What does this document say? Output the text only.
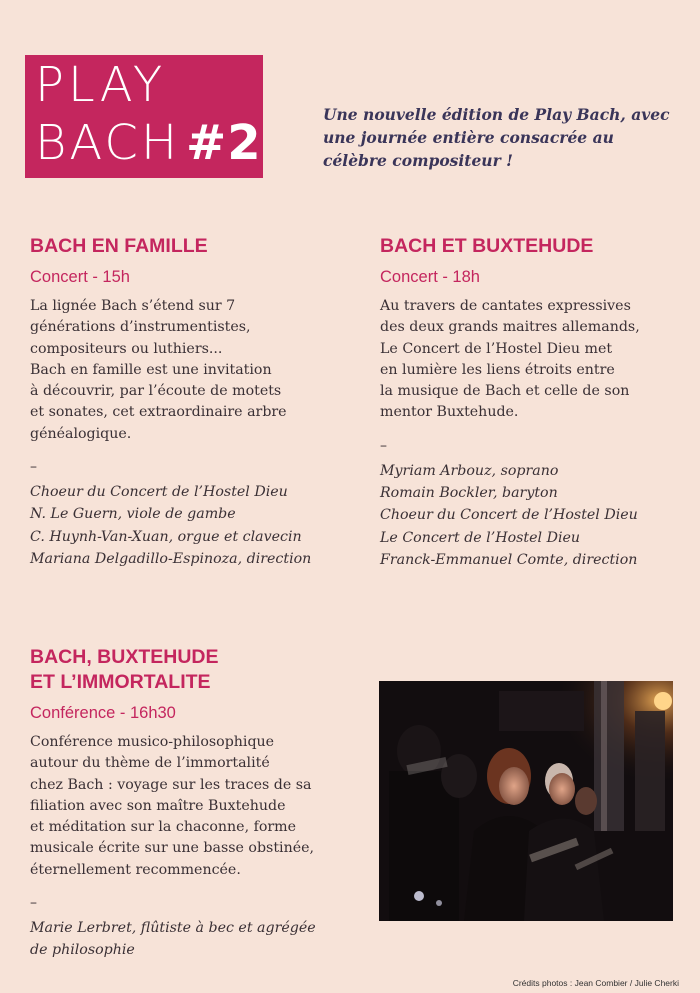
PLAY
BACH #2
Une nouvelle édition de Play Bach, avec une journée entière consacrée au célèbre compositeur !
BACH EN FAMILLE
Concert - 15h
La lignée Bach s’étend sur 7
générations d’instrumentistes,
compositeurs ou luthiers...
Bach en famille est une invitation
à découvrir, par l’écoute de motets
et sonates, cet extraordinaire arbre
généalogique.
–
Choeur du Concert de l’Hostel Dieu
N. Le Guern, viole de gambe
C. Huynh-Van-Xuan, orgue et clavecin
Mariana Delgadillo-Espinoza, direction
BACH ET BUXTEHUDE
Concert - 18h
Au travers de cantates expressives
des deux grands maitres allemands,
Le Concert de l’Hostel Dieu met
en lumière les liens étroits entre
la musique de Bach et celle de son
mentor Buxtehude.
–
Myriam Arbouz, soprano
Romain Bockler, baryton
Choeur du Concert de l’Hostel Dieu
Le Concert de l’Hostel Dieu
Franck-Emmanuel Comte, direction
BACH, BUXTEHUDE
ET L’IMMORTALITE
Conférence - 16h30
Conférence musico-philosophique
autour du thème de l’immortalité
chez Bach : voyage sur les traces de sa
filiation avec son maître Buxtehude
et méditation sur la chaconne, forme
musicale écrite sur une basse obstinée,
éternellement recommencée.
–
Marie Lerbret, flûtiste à bec et agrégée
de philosophie
Crédits photos : Jean Combier / Julie Cherki
